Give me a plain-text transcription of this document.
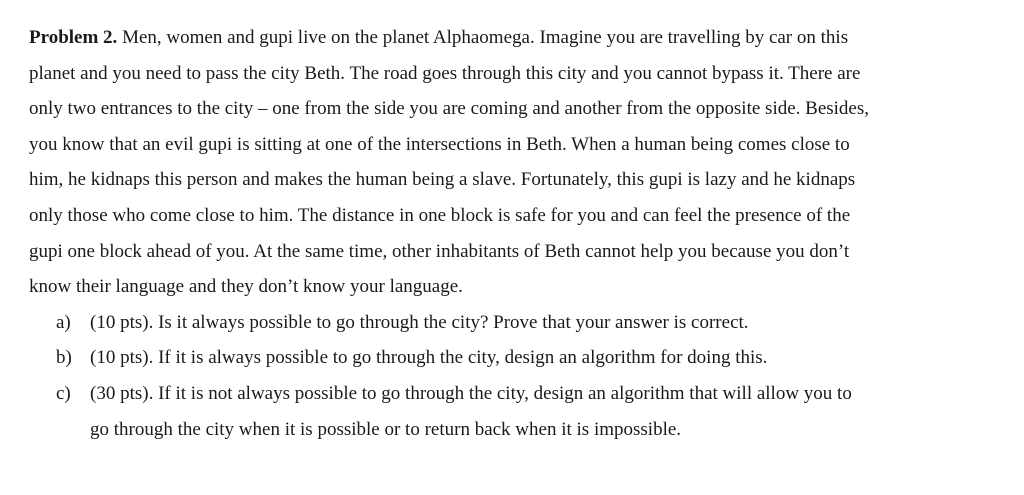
Problem 2. Men, women and gupi live on the planet Alphaomega. Imagine you are travelling by car on this planet and you need to pass the city Beth. The road goes through this city and you cannot bypass it. There are only two entrances to the city – one from the side you are coming and another from the opposite side. Besides, you know that an evil gupi is sitting at one of the intersections in Beth. When a human being comes close to him, he kidnaps this person and makes the human being a slave. Fortunately, this gupi is lazy and he kidnaps only those who come close to him. The distance in one block is safe for you and can feel the presence of the gupi one block ahead of you. At the same time, other inhabitants of Beth cannot help you because you don’t know their language and they don’t know your language.

a) (10 pts). Is it always possible to go through the city? Prove that your answer is correct.
b) (10 pts). If it is always possible to go through the city, design an algorithm for doing this.
c) (30 pts). If it is not always possible to go through the city, design an algorithm that will allow you to go through the city when it is possible or to return back when it is impossible.
